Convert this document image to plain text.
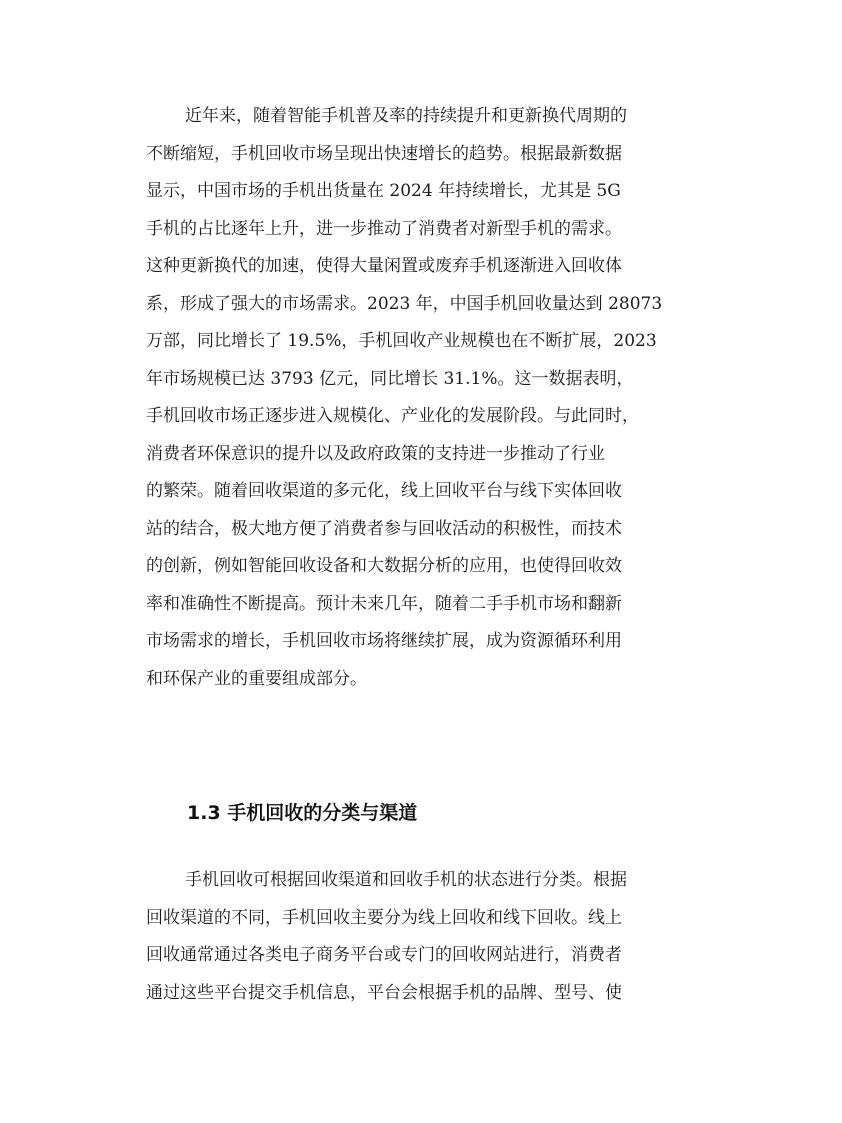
近年来，随着智能手机普及率的持续提升和更新换代周期的
不断缩短，手机回收市场呈现出快速增长的趋势。根据最新数据
显示，中国市场的手机出货量在 2024 年持续增长，尤其是 5G
手机的占比逐年上升，进一步推动了消费者对新型手机的需求。
这种更新换代的加速，使得大量闲置或废弃手机逐渐进入回收体
系，形成了强大的市场需求。2023 年，中国手机回收量达到 28073
万部，同比增长了 19.5%，手机回收产业规模也在不断扩展，2023
年市场规模已达 3793 亿元，同比增长 31.1%。这一数据表明，
手机回收市场正逐步进入规模化、产业化的发展阶段。与此同时，
消费者环保意识的提升以及政府政策的支持进一步推动了行业
的繁荣。随着回收渠道的多元化，线上回收平台与线下实体回收
站的结合，极大地方便了消费者参与回收活动的积极性，而技术
的创新，例如智能回收设备和大数据分析的应用，也使得回收效
率和准确性不断提高。预计未来几年，随着二手手机市场和翻新
市场需求的增长，手机回收市场将继续扩展，成为资源循环利用
和环保产业的重要组成部分。
1.3 手机回收的分类与渠道
手机回收可根据回收渠道和回收手机的状态进行分类。根据
回收渠道的不同，手机回收主要分为线上回收和线下回收。线上
回收通常通过各类电子商务平台或专门的回收网站进行，消费者
通过这些平台提交手机信息，平台会根据手机的品牌、型号、使
